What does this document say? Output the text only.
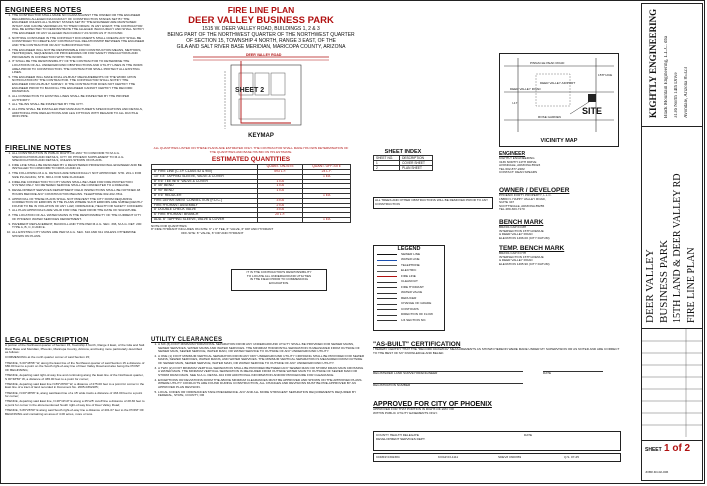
ENGINEERS NOTES
1. THE CONTRACTOR SHALL MAKE NO CLAIM AGAINST THE OWNER OR THE ENGINEER REGARDING ALLEGED INACCURACY OF CONSTRUCTION STAKES SET BY THE ENGINEER UNLESS ALL SURVEY STAKES SET BY THE ENGINEER ARE MAINTAINED INTACT AND CAN BE VERIFIED AS TO THEIR ORIGIN. IN ANY EVENT, THE CONTRACTOR WILL BE EXPECTED TO DEMONSTRATE THE ALLEGED INACCURACY AND SHALL NOTIFY THE ENGINEER OF ANY ALLEGED INACCURACY AS SOON AS IT IS FOUND.
2. NOTHING CONTAINED IN THE CONTRACT DOCUMENTS SHALL CREATE ANY SHALL BE CONSTRUED TO CREATE ANY CONTRACTUAL RELATIONSHIP BETWEEN THE ENGINEER AND THE CONTRACTOR OR ANY SUBCONTRACTOR.
3. THE ENGINEER WILL NOT BE RESPONSIBLE FOR CONSTRUCTION MEANS, METHODS, TECHNIQUES, SEQUENCES OR PROCEDURES OR FOR SAFETY PRECAUTIONS AND PROGRAMS IN CONNECTION WITH THE WORK.
4. IT SHALL BE THE RESPONSIBILITY OF THE CONTRACTOR TO DETERMINE THE LOCATIONS OF ALL UNDERGROUND OBSTRUCTIONS AND UTILITY LINES IN THE WORK AREA PRIOR TO CONSTRUCTION. THE CONTRACTOR SHALL PROTECT ALL EXISTING LINES.
5. THE ENGINEER WILL MAKE FINAL AS-BUILT MEASUREMENTS OF THE WORK UPON NOTIFICATION BY THE CONTRACTOR. THE CONTRACTOR SHALL NOTIFY THE ENGINEER FOR AS-BUILT SURVEY. IF THE CONTRACTOR DOES NOT CERTIFY THE ENGINEER PRIOR TO BACKFILL THE ENGINEER CANNOT CERTIFY THE RECORD DRAWINGS.
6. ALL CONNECTION TO EXISTING LINES SHALL BE INSPECTED BY THE PROPER AUTHORITY.
7. ALL TIE-INS SHALL BE INSPECTED BY THE CITY.
8. ALL PIPE SHALL BE INSTALLED PER MANUFACTURER'S SPECIFICATIONS AND DETAILS, ADDITIONAL PIPE REFLECTIONS AND LEG FITTINGS WITH REGARD TO ALL DUCTILE IRON PIPE.
FIRELINE NOTES
1. ALL CONSTRUCTION IN PUBLIC RIGHT-OF-WAY TO CONFORM TO M.A.G. SPECIFICATIONS AND DETAILS, CITY OF PHOENIX SUPPLEMENT TO M.A.G. SPECIFICATIONS AND DETAILS, UNLESS SHOWN ON PLANS.
2. FIRE LINE SHALL BE DESIGNED BY A REGISTERED PROFESSIONAL ENGINEER AND BE INSTALLED TO CONFORM TO NFPA 13 AND 24.
3. THE FOLLOWING M.A.G. DETAILS ARE SPECIFICALLY NOT APPROVED: STD. 201-1 FOR SIZE PLUGGING; STD. 360-1 FOR SIZE FLANGED.
4. FIRELINE CONNECTION TO CITY MAINS SHALL BE USED FOR FIRE PROTECTION SYSTEM ONLY. NO METERED SERVICE SHALL BE CONNECTED TO A FIRELINE.
5. DEVELOPMENT SERVICES DEPARTMENT FIELD INSPECTIONS SHALL BE NOTIFIED 48 HOURS BEFORE ANY CONSTRUCTION BEGINS. TELEPHONE 602-262-7811.
6. APPROVAL OF THESE PLANS SHALL NOT PREVENT THE CITY FROM REQUIRING CORRECTION OF ERRORS IN THE PLANS WHERE SUCH ERRORS ARE SUBSEQUENTLY FOUND TO BE IN VIOLATION OF ANY LAW, ORDINANCE, HEALTH OR SAFETY CONCERN.
7. ALL PLAN APPROVALS ARE VALID FOR ONE YEAR FROM THE DATE OF SIGNATURE.
8. THE LOCATION OF ALL WATER MAINS IS THE RESPONSIBILITY OF THE CURRENT CITY OF PHOENIX WATER SERVICES DEPARTMENT.
9. PAVEMENT REPLACEMENT, BACKFILL AND TYPE PER M.A.G. SEC. 336, M.A.G. DET. 200 TYPE A, B, C, D AND E.
10. ALL EXISTING CITY MAINS ARE PER M.A.G. SEC. 610 AND 611 UNLESS OTHERWISE SHOWN ON PLANS.
LEGAL DESCRIPTION
A portion of the Northwest quarter of Section 15, Township 4 North, Range 2 East, of the Gila and Salt River Base and Meridian, Phoenix, Maricopa County, Arizona, and being more particularly described as follows:
COMMENCING at the north quarter corner of said Section 15;
THENCE, S 00°48'56" W, along the East line of the Northwest quarter of said Section 15 a distance of 680.00 feet to a point on the South right-of-way line of Deer Valley Road and also being the POINT OF BEGINNING;
THENCE, departing said right-of-way line and continuing along the East line of the Northwest quarter, S 00°48'56" W, a distance of 465.00 feet to a point for corner;
THENCE, departing said East line N 89°26'50" W, a distance of 275.00 feet to a point for corner in the East line of a tract of land recorded in Document No. 2005-0362185;
THENCE, N 00°48'56" E, along said East line of a 15' wide tracts a distance of 433.00 feet to a point for corner;
THENCE, departing said East line, N 48°19'10" E along a 25'x25' cutoff line a distance of 28.30 feet to a point for corner in the aforementioned South right-of-way line of Deer Valley Road;
THENCE, S 89°26'50" E along said South right-of-way line a distance of 401.07 feet to the POINT OF BEGINNING and containing an area of 4.00 acres, more or less.
FIRE LINE PLAN
DEER VALLEY BUSINESS PARK
1515 W. DEER VALLEY ROAD, BUILDINGS 1, 2 & 3
BEING PART OF THE NORTHWEST QUARTER OF THE NORTHWEST QUARTER
OF SECTION 15, TOWNSHIP 4 NORTH, RANGE 3 EAST, OF THE
GILA AND SALT RIVER BASE MERIDIAN, MARICOPA COUNTY, ARIZONA
DEER VALLEY ROAD
SHEET 2
KEYMAP
PINNACLE PEAK ROAD
DEER VALLEY ROAD
ROSE GARDEN
DEER VALLEY AIRPORT
SITE
I-17
15TH AVE
VICINITY MAP
ALL QUANTITIES LISTED ON THESE PLANS ARE ESTIMATED ONLY. THE CONTRACTOR SHALL MAKE HIS OWN DETERMINATION OF THE QUANTITIES AND BASE HIS BID ON HIS ESTIMATE.
ESTIMATED QUANTITIES
	QUANT. ON-SITE	QUANT. OFF-SITE
8" FIRE LINE (C.I.P. CLASS 52 & 900)	593 L.F.	24 L.F.
10" x 8" TAPPING SLEEVE, VALVE & COVER		1 EA
8" x 6" TEE W/ 6" VALVE & COVER	1 EA	
8" 45° BEND	1 EA	
8" 90° BEND	1 EA	
8" x 6" REDUCER		1 EA
FIRE DEPARTMENT CONNECTION (F.D.C.)	3 EA	
FIRE HYDRANT ASSEMBLY	2 EA	
8" DOUBLE CHECK VALVE	3 EA	
6" FIRE HYDRANT BRANCH	20 L.F.	
ADD. 6" TAPPING SLEEVE, VALVE & COVER		1 EA
NOTE FOR QUANTITIES:
8" FIRE HYDRANT INCLUDES ON-SITE: 6" x 6" TEE, 6" VALVE, 6" DIP AND HYDRANT
OFF-SITE: 6" VALVE, 6" DIP AND HYDRANT
IT IS THE CONTRACTOR'S RESPONSIBILITY
TO LOCATE ALL UNDERGROUND UTILITIES
IN THE FIELD PRIOR TO COMMENCING
EXCAVATION.
SHEET INDEX
SHEET NO.	DESCRIPTION
1	COVER SHEET
2	PLAN SHEET
ALL TREES AND OTHER OBSTRUCTIONS WILL BE REMOVED PRIOR TO ANY CONSTRUCTION
LEGEND
SEWER LINE
WATER LINE
TELEPHONE
ELECTRIC
FIRE LINE
CLEANOUT
FIRE HYDRANT
WATER VALVE
REDUCER
CHANGE OF GRADE
CONTOURS
DIRECTION OF FLOW
1/4 SECTION NO.
ENGINEER
KIGHTLY ENGINEERING
3136 NORTH 14TH DRIVE
AVONDALE, ARIZONA 85323
TEL 602-877-2282
CONTACT: DEAN SPEARS
OWNER / DEVELOPER
PHOENIX FORTY PROPERTY, L.L.C.
15880 N. HAPPY VALLEY ROAD,
SUITE 347
SCOTTSDALE, ARIZONA 85255
TEL 480-303-7170
BENCH MARK
BRASS CAP IN MH
INTERSECTION 15TH AVENUE
& DEER VALLEY ROAD
ELEVATION 1466.00 (CITY DATUM)
TEMP. BENCH MARK
BRASS CAP IN HH
INTERSECTION 15TH AVENUE
& DEER VALLEY ROAD
ELEVATION 1465.90 (CITY DATUM)
UTILITY CLEARANCES
1. A SIX (6) FOOT MINIMUM HORIZONTAL SEPARATION FROM ANY UNDERGROUND UTILITY SHALL BE PROVIDED FOR SEWER MAINS, SEWER SERVICES, WATER MAINS AND WATER SERVICES. THE MINIMUM HORIZONTAL SEPARATION IS MEASURED FROM OUTSIDE OF SEWER MAIN, SEWER SERVICE, WATER MAIN, OR WATER SERVICE TO OUTSIDE OF ANY UNDERGROUND UTILITY.
2. A ONE (1) FOOT MINIMUM VERTICAL SEPARATION FROM ANY DRY UNDERGROUND UTILITY CROSSING SHALL BE PROVIDED FOR SEWER MAINS, SEWER SERVICES, WATER MAINS, AND WATER SERVICES. THE MINIMUM VERTICAL SEPARATION IS MEASURED FROM OUTSIDE OF SEWER MAIN, SEWER SERVICE, WATER MAIN, OR WATER SERVICE TO OUTSIDE OF ANY UNDERGROUND UTILITY.
3. A TWO (2) FOOT MINIMUM VERTICAL SEPARATION SHALL BE PROVIDED BETWEEN ANY SEWER MAIN OR STORM DRAIN MAIN CROSSING A WATER MAIN. THE MINIMUM VERTICAL SEPARATION IS MEASURED FROM OUTSIDE WATER MAIN TO OUTSIDE OF SEWER MAIN OR STORM DRAIN MAIN. SEE M.A.G. DETAIL 404 FOR ADDITIONAL INFORMATION AND/OR PROCEDURE FOR CLEARANCE.
4. EXCEPTIONS OR DEVIATIONS FROM THE ABOVE MINIMUM CLEARANCES MUST BE APPROVED AND SHOWN ON THE APPROVED PLANS. WHERE UTILITY CONFLICTS ARE FOUND DURING CONSTRUCTION, ALL CHANGES AND REVISIONS MUST BE PRE-APPROVED BY AN APPROVED PLAN REVISION.
5. LOCAL CODES OR ORDINANCES TAKE PRECEDENCE. ANY AND ALL MORE STRINGENT SEPARATION REQUIREMENTS REQUIRED BY FEDERAL, STATE, COUNTY, OR
"AS-BUILT" CERTIFICATION
I HEREBY CERTIFY THAT THE "RECORD DRAWING" MEASUREMENTS AS SHOWN HEREON WERE MADE UNDER MY SUPERVISION OR AS NOTED AND ARE CORRECT TO THE BEST OF MY KNOWLEDGE AND BELIEF.
REGISTERED LAND SURVEYOR/ENGINEER	DATE
REGISTRATION NUMBER
APPROVED FOR CITY OF PHOENIX
APPROVED FOR THAT PORTION IN RIGHT-OF-WAY OR
WITHIN PUBLIC UTILITY EASEMENTS ONLY.
COUNTY HEALTH DELEGATE
DEVELOPMENT SERVICES DEPT.
DATE
CDMF# 0302384	KIVA# 03-1111	SDEV# 0300359	Q.S. 07-25
KIGHTLY ENGINEERING Black Mountain Engineering, L.L.C. dba 3136 North 14th Drive Avondale, Arizona 85323
DEER VALLEY BUSINESS PARK 15TH LAND & DEER VALLEY RD FIRE LINE PLAN
SHEET 1 of 2
JOB# 4D-02-006
